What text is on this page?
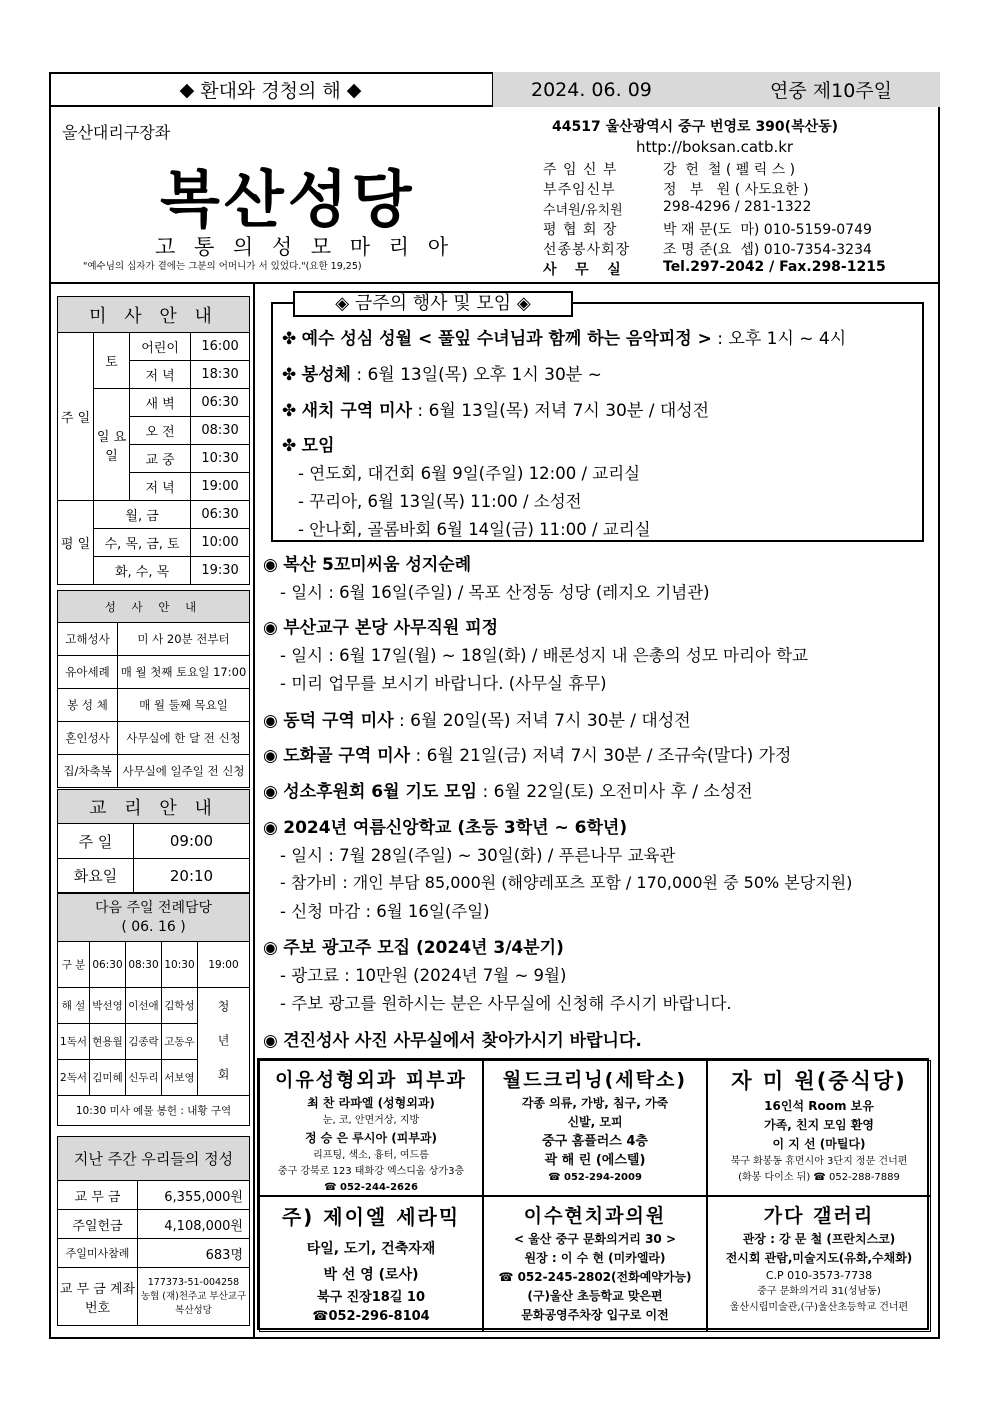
◆ 환대와 경청의 해 ◆	2024. 06. 09	연중 제10주일
울산대리구장좌
복산성당
고 통 의 성 모 마 리 아
"예수님의 십자가 곁에는 그분의 어머니가 서 있었다."(요한 19,25)
44517 울산광역시 중구 번영로 390(복산동)
http://boksan.catb.kr
주 임 신 부	강  헌  철 ( 펠 릭 스 )
부주임신부	정   부   원 ( 사도요한 )
수녀원/유치원	298-4296 / 281-1322
평 협 회 장	박 재 문(도  마) 010-5159-0749
선종봉사회장	조 명 준(요  셉) 010-7354-3234
사   무   실	Tel.297-2042 / Fax.298-1215
미 사 안 내			
주 일	토	어린이	16:00
		저 녁	18:30
	일 요 일	새 벽	06:30
		오 전	08:30
		교 중	10:30
		저 녁	19:00
평 일	월, 금		06:30
	수, 목, 금, 토		10:00
	화, 수, 목		19:30
성 사 안 내	
고해성사	미 사 20분 전부터
유아세례	매 월 첫째 토요일 17:00
봉 성 체	매 월 둘째 목요일
혼인성사	사무실에 한 달 전 신청
집/차축복	사무실에 일주일 전 신청
교 리 안 내	
주 일	09:00
화요일	20:10
다음 주일 전례담당
( 06. 16 )				
구 분	06:30	08:30	10:30	19:00
해 설	박선영	이선애	김학성	청 년 회
1독서	현용월	김종락	고동우	
2독서	김미혜	신두리	서보영	
10:30 미사 예물 봉헌 : 내황 구역				
지난 주간 우리들의 정성	
교 무 금	6,355,000원
주일헌금	4,108,000원
주일미사참례	683명
교 무 금 계좌번호	177373-51-004258
농협 (재)천주교 부산교구 복산성당
◈ 금주의 행사 및 모임 ◈
✤ 예수 성심 성월 < 풀잎 수녀님과 함께 하는 음악피정 > : 오후 1시 ~ 4시
✤ 봉성체 : 6월 13일(목) 오후 1시 30분 ~
✤ 새치 구역 미사 : 6월 13일(목) 저녁 7시 30분 / 대성전
✤ 모임
- 연도회, 대건회 6월 9일(주일) 12:00 / 교리실
- 꾸리아, 6월 13일(목) 11:00 / 소성전
- 안나회, 골롬바회 6월 14일(금) 11:00 / 교리실
◉ 복산 5꼬미씨움 성지순례
- 일시 : 6월 16일(주일) / 목포 산정동 성당 (레지오 기념관)
◉ 부산교구 본당 사무직원 피정
- 일시 : 6월 17일(월) ~ 18일(화) / 배론성지 내 은총의 성모 마리아 학교
- 미리 업무를 보시기 바랍니다. (사무실 휴무)
◉ 동덕 구역 미사 : 6월 20일(목) 저녁 7시 30분 / 대성전
◉ 도화골 구역 미사 : 6월 21일(금) 저녁 7시 30분 / 조규숙(말다) 가정
◉ 성소후원회 6월 기도 모임 : 6월 22일(토) 오전미사 후 / 소성전
◉ 2024년 여름신앙학교 (초등 3학년 ~ 6학년)
- 일시 : 7월 28일(주일) ~ 30일(화) / 푸른나무 교육관
- 참가비 : 개인 부담 85,000원 (해양레포츠 포함 / 170,000원 중 50% 본당지원)
- 신청 마감 : 6월 16일(주일)
◉ 주보 광고주 모집 (2024년 3/4분기)
- 광고료 : 10만원 (2024년 7월 ~ 9월)
- 주보 광고를 원하시는 분은 사무실에 신청해 주시기 바랍니다.
◉ 견진성사 사진 사무실에서 찾아가시기 바랍니다.
이유성형외과 피부과
최 찬 라파엘 (성형외과)
눈, 코, 안면거상, 지방
정 승 은 루시아 (피부과)
리프팅, 색소, 흉터, 여드름
중구 강북로 123 태화강 엑스디움 상가3층
☎ 052-244-2626
월드크리닝(세탁소)
각종 의류, 가방, 침구, 가죽
신발, 모피
중구 홈플러스 4층
곽 해 린 (에스텔)
☎ 052-294-2009
자 미 원(중식당)
16인석 Room 보유
가족, 친지 모임 환영
이 지 선 (마틸다)
북구 화봉동 휴먼시아 3단지 정문 건너편
(화봉 다이소 뒤) ☎ 052-288-7889
주) 제이엘 세라믹
타일, 도기, 건축자재
박 선 영 (로사)
북구 진장18길 10
☎052-296-8104
이수현치과의원
< 울산 중구 문화의거리 30 >
원장 : 이 수 현 (미카엘라)
☎ 052-245-2802(전화예약가능)
(구)울산 초등학교 맞은편
문화공영주차장 입구로 이전
가다 갤러리
관장 : 강 문 철 (프란치스코)
전시회 관람,미술지도(유화,수채화)
C.P 010-3573-7738
중구 문화의거리 31(성남동)
울산시립미술관,(구)울산초등학교 건너편
